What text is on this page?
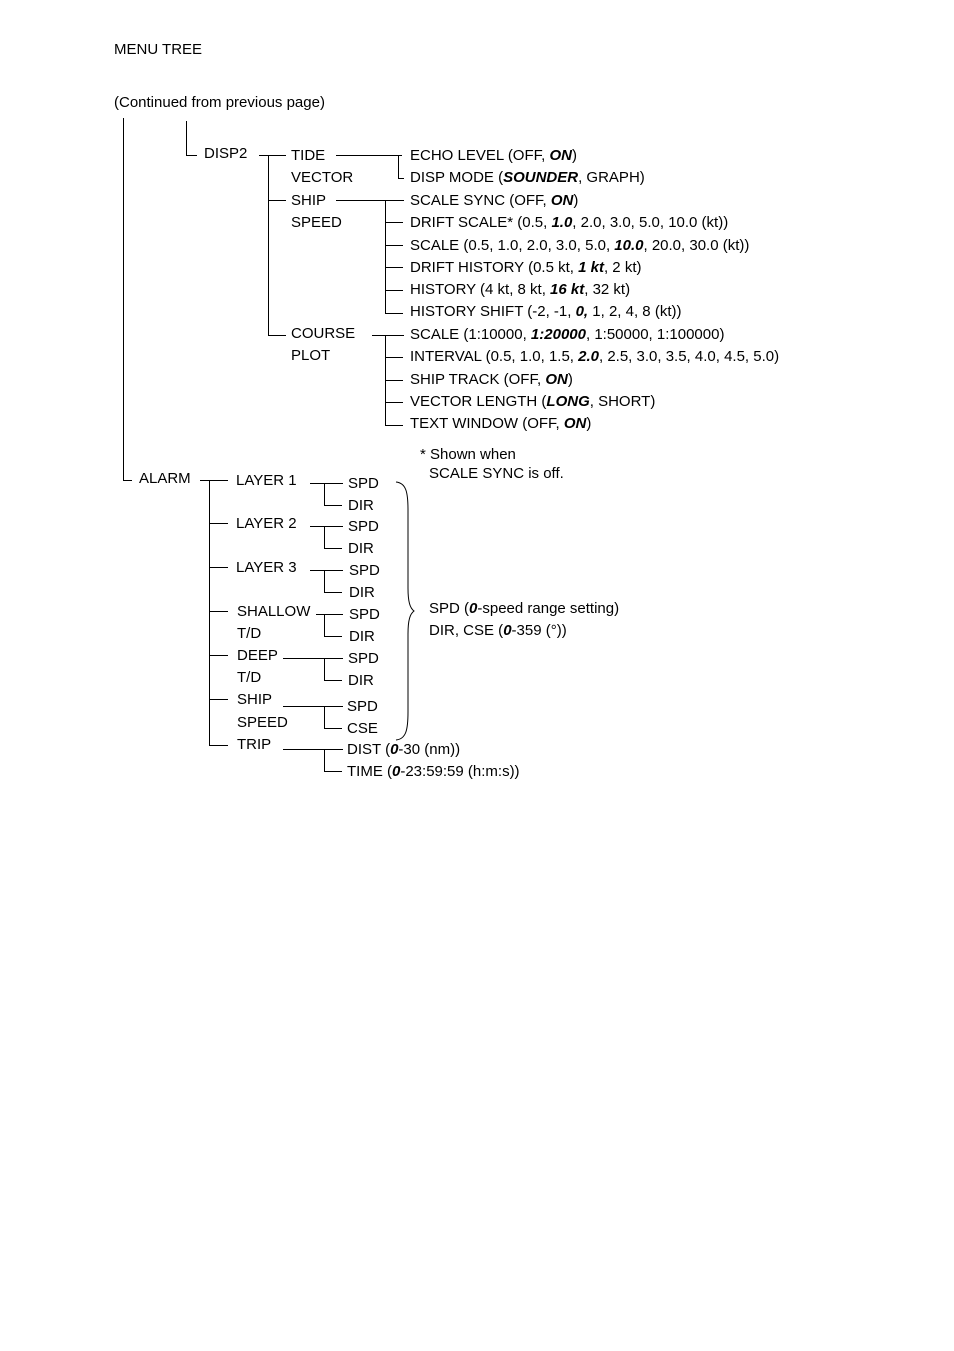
MENU TREE
(Continued from previous page)
DISP2	TIDE
VECTOR
ECHO LEVEL (OFF, ON)
DISP MODE (SOUNDER, GRAPH)
SHIP
SPEED
SCALE SYNC (OFF, ON)
DRIFT SCALE* (0.5, 1.0, 2.0, 3.0, 5.0, 10.0 (kt))
SCALE (0.5, 1.0, 2.0, 3.0, 5.0, 10.0, 20.0, 30.0 (kt))
DRIFT HISTORY (0.5 kt, 1 kt, 2 kt)
HISTORY (4 kt, 8 kt, 16 kt, 32 kt)
HISTORY SHIFT (-2, -1, 0, 1, 2, 4, 8 (kt))
COURSE
PLOT
SCALE (1:10000, 1:20000, 1:50000, 1:100000)
INTERVAL (0.5, 1.0, 1.5, 2.0, 2.5, 3.0, 3.5, 4.0, 4.5, 5.0)
SHIP TRACK (OFF, ON)
VECTOR LENGTH (LONG, SHORT)
TEXT WINDOW (OFF, ON)
* Shown when
SCALE SYNC is off.
ALARM	LAYER 1	SPD
DIR
LAYER 2	SPD
DIR
LAYER 3	SPD
DIR
SHALLOW
T/D
SPD
DIR
DEEP
T/D
SPD
DIR
SHIP
SPEED
SPD
CSE
TRIP	DIST (0-30 (nm))
TIME (0-23:59:59 (h:m:s))
SPD (0-speed range setting)
DIR, CSE (0-359 (°))
